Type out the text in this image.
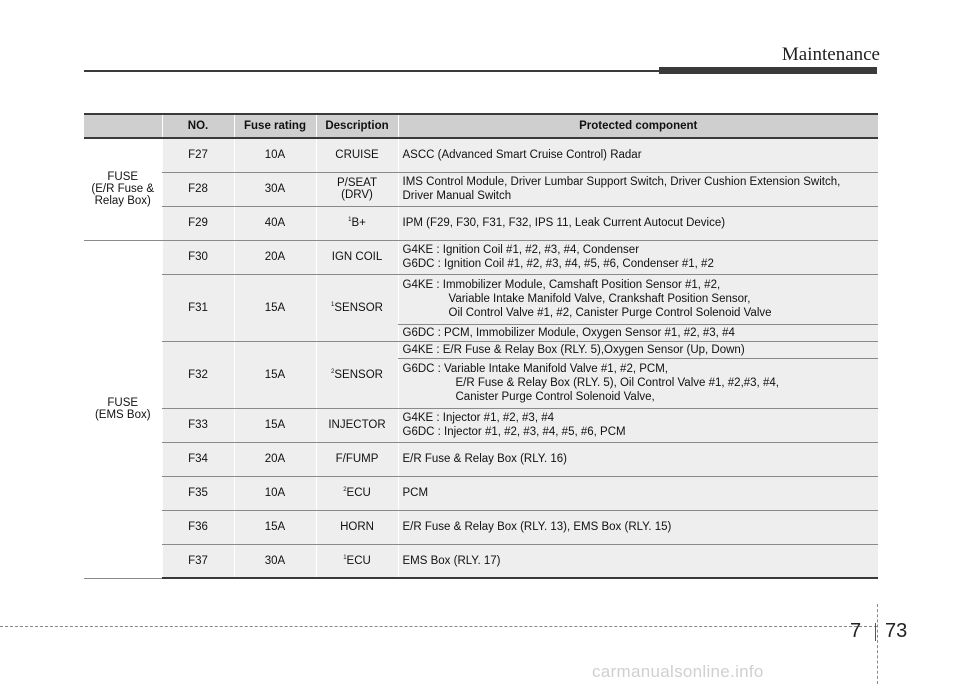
Maintenance
	NO.	Fuse rating	Description	Protected component

FUSE
(E/R Fuse &
Relay Box)	F27	10A	CRUISE	ASCC (Advanced Smart Cruise Control) Radar
	F28	30A	P/SEAT (DRV)	IMS Control Module, Driver Lumbar Support Switch, Driver Cushion Extension Switch,
Driver Manual Switch

	F29	40A	$^1$B+	IPM (F29, F30, F31, F32, IPS 11, Leak Current Autocut Device)

FUSE
(EMS Box)	F30	20A	IGN COIL	G4KE : Ignition Coil #1, #2, #3, #4, Condenser
G6DC : Ignition Coil #1, #2, #3, #4, #5, #6, Condenser #1, #2

	F31	15A	$^1$SENSOR	G4KE : Immobilizer Module, Camshaft Position Sensor #1, #2,
Variable Intake Manifold Valve, Crankshaft Position Sensor,
Oil Control Valve #1, #2, Canister Purge Control Solenoid Valve

				G6DC : PCM, Immobilizer Module, Oxygen Sensor #1, #2, #3, #4
	F32	15A	$^2$SENSOR	G4KE : E/R Fuse & Relay Box (RLY. 5),Oxygen Sensor (Up, Down)

				G6DC : Variable Intake Manifold Valve #1, #2, PCM,
E/R Fuse & Relay Box (RLY. 5), Oil Control Valve #1, #2,#3, #4,
Canister Purge Control Solenoid Valve,

	F33	15A	INJECTOR	G4KE : Injector #1, #2, #3, #4
G6DC : Injector #1, #2, #3, #4, #5, #6, PCM

	F34	20A	F/FUMP	E/R Fuse & Relay Box (RLY. 16)
	F35	10A	$^2$ECU	PCM
	F36	15A	HORN	E/R Fuse & Relay Box (RLY. 13), EMS Box (RLY. 15)
	F37	30A	$^1$ECU	EMS Box (RLY. 17)
7 73
carmanualsonline.info
